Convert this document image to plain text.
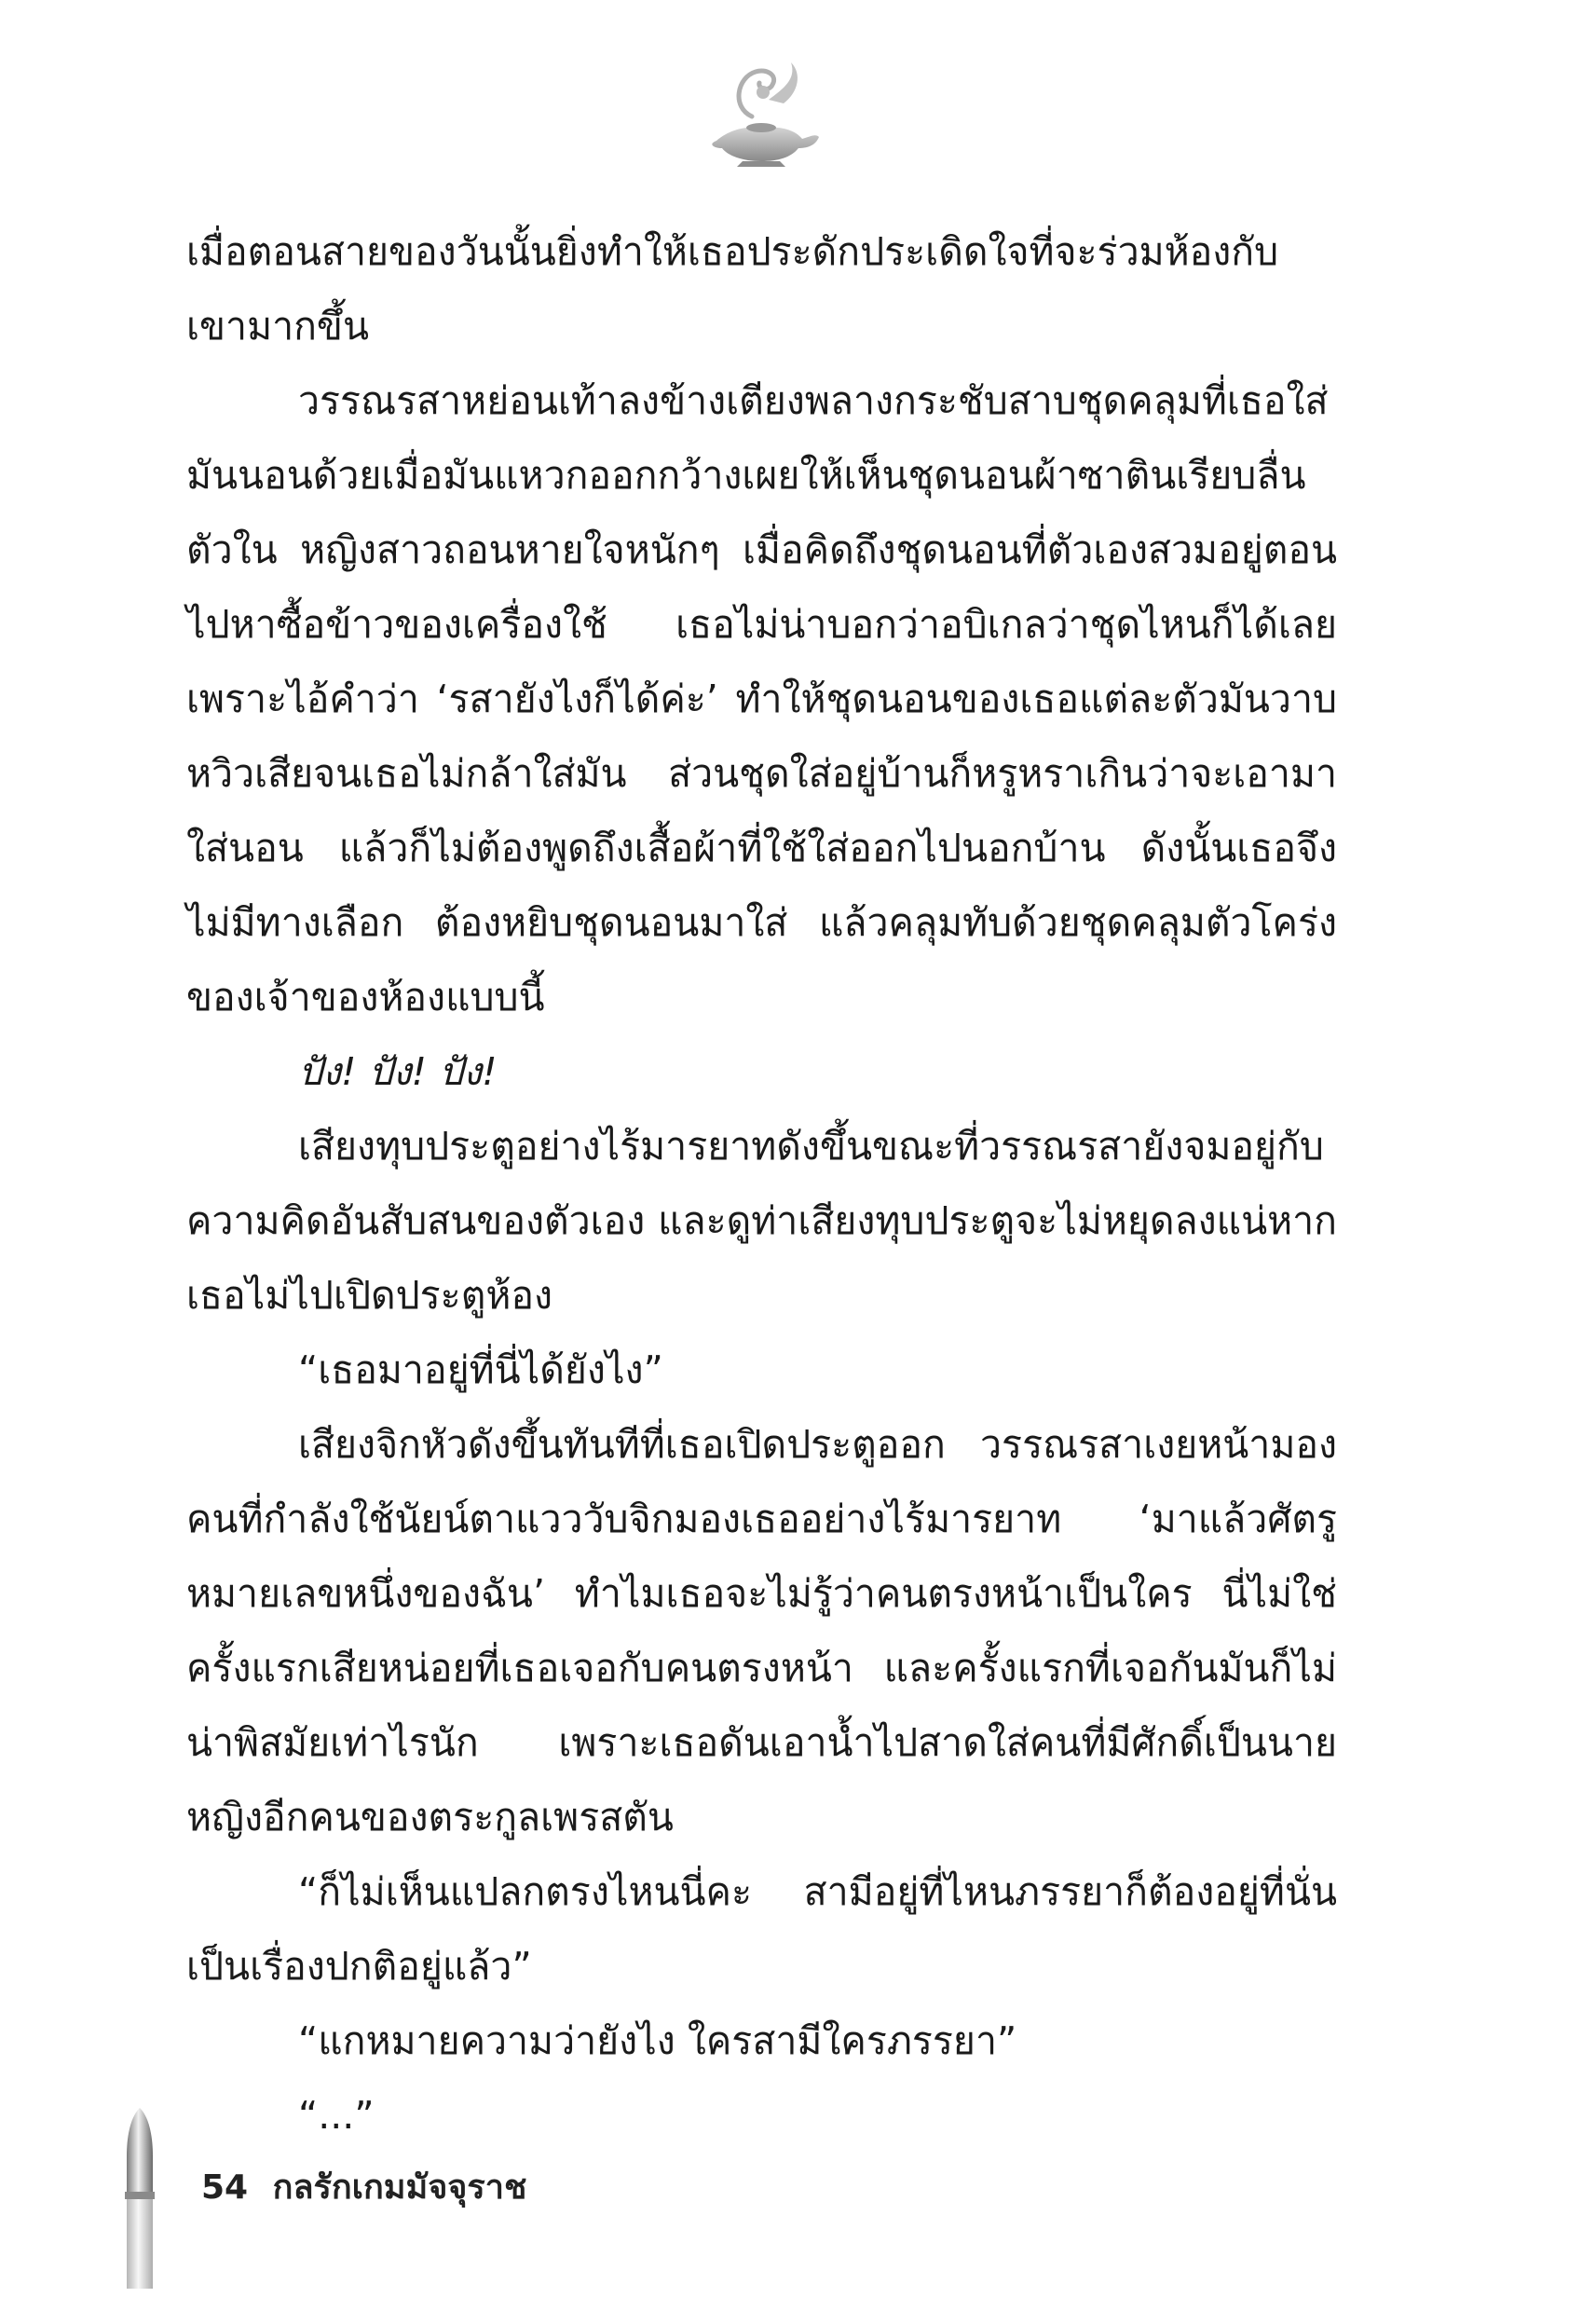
เมื่อตอนสายของวันนั้นยิ่งทำให้เธอประดักประเดิดใจที่จะร่วมห้องกับเขามากขึ้น

วรรณรสาหย่อนเท้าลงข้างเตียงพลางกระชับสาบชุดคลุมที่เธอใส่มันนอนด้วยเมื่อมันแหวกออกกว้างเผยให้เห็นชุดนอนผ้าซาตินเรียบลื่นตัวใน หญิงสาวถอนหายใจหนักๆ เมื่อคิดถึงชุดนอนที่ตัวเองสวมอยู่ตอนไปหาซื้อข้าวของเครื่องใช้ เธอไม่น่าบอกว่าอบิเกลว่าชุดไหนก็ได้เลย เพราะไอ้คำว่า ‘รสายังไงก็ได้ค่ะ’ ทำให้ชุดนอนของเธอแต่ละตัวมันวาบหวิวเสียจนเธอไม่กล้าใส่มัน ส่วนชุดใส่อยู่บ้านก็หรูหราเกินว่าจะเอามาใส่นอน แล้วก็ไม่ต้องพูดถึงเสื้อผ้าที่ใช้ใส่ออกไปนอกบ้าน ดังนั้นเธอจึงไม่มีทางเลือก ต้องหยิบชุดนอนมาใส่ แล้วคลุมทับด้วยชุดคลุมตัวโคร่งของเจ้าของห้องแบบนี้

ปัง! ปัง! ปัง!

เสียงทุบประตูอย่างไร้มารยาทดังขึ้นขณะที่วรรณรสายังจมอยู่กับความคิดอันสับสนของตัวเอง และดูท่าเสียงทุบประตูจะไม่หยุดลงแน่หากเธอไม่ไปเปิดประตูห้อง

“เธอมาอยู่ที่นี่ได้ยังไง”

เสียงจิกหัวดังขึ้นทันทีที่เธอเปิดประตูออก วรรณรสาเงยหน้ามองคนที่กำลังใช้นัยน์ตาแวววับจิกมองเธออย่างไร้มารยาท ‘มาแล้วศัตรูหมายเลขหนึ่งของฉัน’ ทำไมเธอจะไม่รู้ว่าคนตรงหน้าเป็นใคร นี่ไม่ใช่ครั้งแรกเสียหน่อยที่เธอเจอกับคนตรงหน้า และครั้งแรกที่เจอกันมันก็ไม่น่าพิสมัยเท่าไรนัก เพราะเธอดันเอาน้ำไปสาดใส่คนที่มีศักดิ์เป็นนายหญิงอีกคนของตระกูลเพรสตัน

“ก็ไม่เห็นแปลกตรงไหนนี่คะ สามีอยู่ที่ไหนภรรยาก็ต้องอยู่ที่นั่นเป็นเรื่องปกติอยู่แล้ว”

“แกหมายความว่ายังไง ใครสามีใครภรรยา”

“...”

54 กลรักเกมมัจจุราช
